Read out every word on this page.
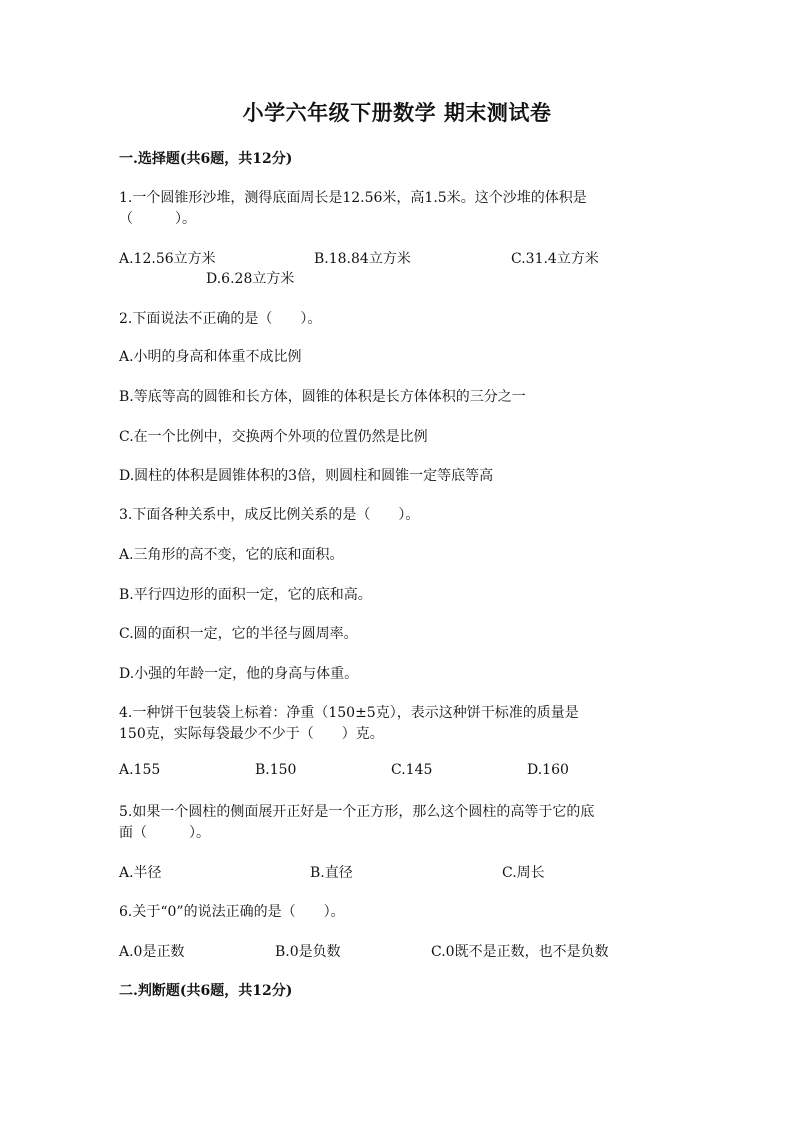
小学六年级下册数学 期末测试卷
一.选择题(共6题，共12分)
1.一个圆锥形沙堆，测得底面周长是12.56米，高1.5米。这个沙堆的体积是
（　　　）。
A.12.56立方米	B.18.84立方米	C.31.4立方米
D.6.28立方米
2.下面说法不正确的是（　　）。
A.小明的身高和体重不成比例
B.等底等高的圆锥和长方体，圆锥的体积是长方体体积的三分之一
C.在一个比例中，交换两个外项的位置仍然是比例
D.圆柱的体积是圆锥体积的3倍，则圆柱和圆锥一定等底等高
3.下面各种关系中，成反比例关系的是（　　）。
A.三角形的高不变，它的底和面积。
B.平行四边形的面积一定，它的底和高。
C.圆的面积一定，它的半径与圆周率。
D.小强的年龄一定，他的身高与体重。
4.一种饼干包装袋上标着：净重（150±5克），表示这种饼干标准的质量是
150克，实际每袋最少不少于（　　）克。
A.155	B.150	C.145	D.160
5.如果一个圆柱的侧面展开正好是一个正方形，那么这个圆柱的高等于它的底
面（　　　）。
A.半径	B.直径	C.周长
6.关于“0”的说法正确的是（　　）。
A.0是正数	B.0是负数	C.0既不是正数，也不是负数
二.判断题(共6题，共12分)
